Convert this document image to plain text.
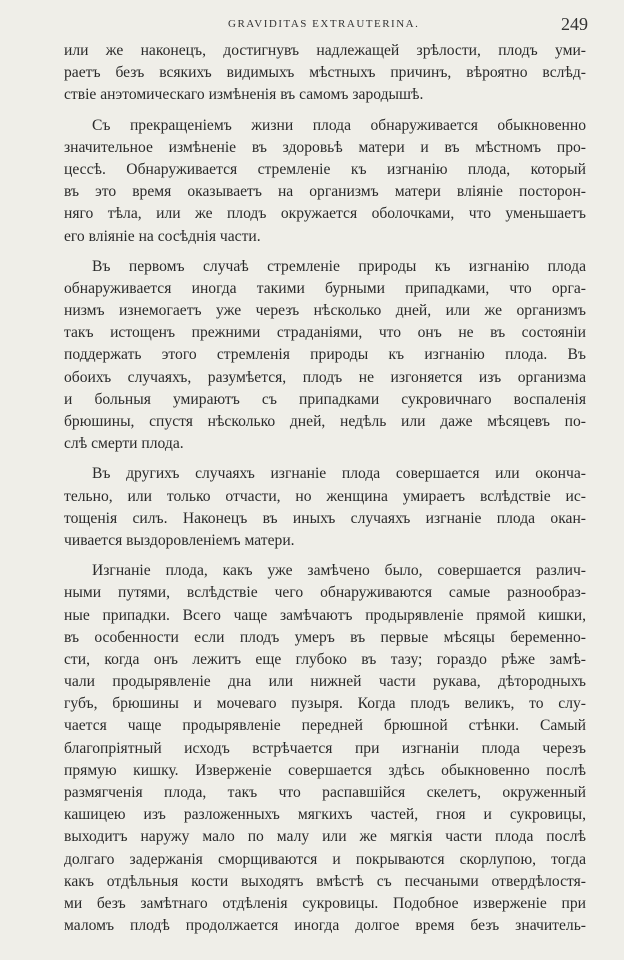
GRAVIDITAS EXTRAUTERINA.	249
или же наконецъ, достигнувъ надлежащей зрѣлости, плодъ уми-
раетъ безъ всякихъ видимыхъ мѣстныхъ причинъ, вѣроятно вслѣд-
ствіе анэтомическаго измѣненія въ самомъ зародышѣ.
Съ прекращеніемъ жизни плода обнаруживается обыкновенно
значительное измѣненіе въ здоровьѣ матери и въ мѣстномъ про-
цессѣ. Обнаруживается стремленіе къ изгнанію плода, который
въ это время оказываетъ на организмъ матери вліяніе посторон-
няго тѣла, или же плодъ окружается оболочками, что уменьшаетъ
его вліяніе на сосѣднія части.
Въ первомъ случаѣ стремленіе природы къ изгнанію плода
обнаруживается иногда такими бурными припадками, что орга-
низмъ изнемогаетъ уже черезъ нѣсколько дней, или же организмъ
такъ истощенъ прежними страданіями, что онъ не въ состояніи
поддержать этого стремленія природы къ изгнанію плода. Въ
обоихъ случаяхъ, разумѣется, плодъ не изгоняется изъ организма
и больныя умираютъ съ припадками сукровичнаго воспаленія
брюшины, спустя нѣсколько дней, недѣль или даже мѣсяцевъ по-
слѣ смерти плода.
Въ другихъ случаяхъ изгнаніе плода совершается или оконча-
тельно, или только отчасти, но женщина умираетъ вслѣдствіе ис-
тощенія силъ. Наконецъ въ иныхъ случаяхъ изгнаніе плода окан-
чивается выздоровленіемъ матери.
Изгнаніе плода, какъ уже замѣчено было, совершается различ-
ными путями, вслѣдствіе чего обнаруживаются самые разнообраз-
ные припадки. Всего чаще замѣчаютъ продырявленіе прямой кишки,
въ особенности если плодъ умеръ въ первые мѣсяцы беременно-
сти, когда онъ лежитъ еще глубоко въ тазу; гораздо рѣже замѣ-
чали продырявленіе дна или нижней части рукава, дѣтородныхъ
губъ, брюшины и мочеваго пузыря. Когда плодъ великъ, то слу-
чается чаще продырявленіе передней брюшной стѣнки. Самый
благопріятный исходъ встрѣчается при изгнаніи плода черезъ
прямую кишку. Изверженіе совершается здѣсь обыкновенно послѣ
размягченія плода, такъ что распавшійся скелетъ, окруженный
кашицею изъ разложенныхъ мягкихъ частей, гноя и сукровицы,
выходитъ наружу мало по малу или же мягкія части плода послѣ
долгаго задержанія сморщиваются и покрываются скорлупою, тогда
какъ отдѣльныя кости выходятъ вмѣстѣ съ песчаными отвердѣлостя-
ми безъ замѣтнаго отдѣленія сукровицы. Подобное изверженіе при
маломъ плодѣ продолжается иногда долгое время безъ значитель-
